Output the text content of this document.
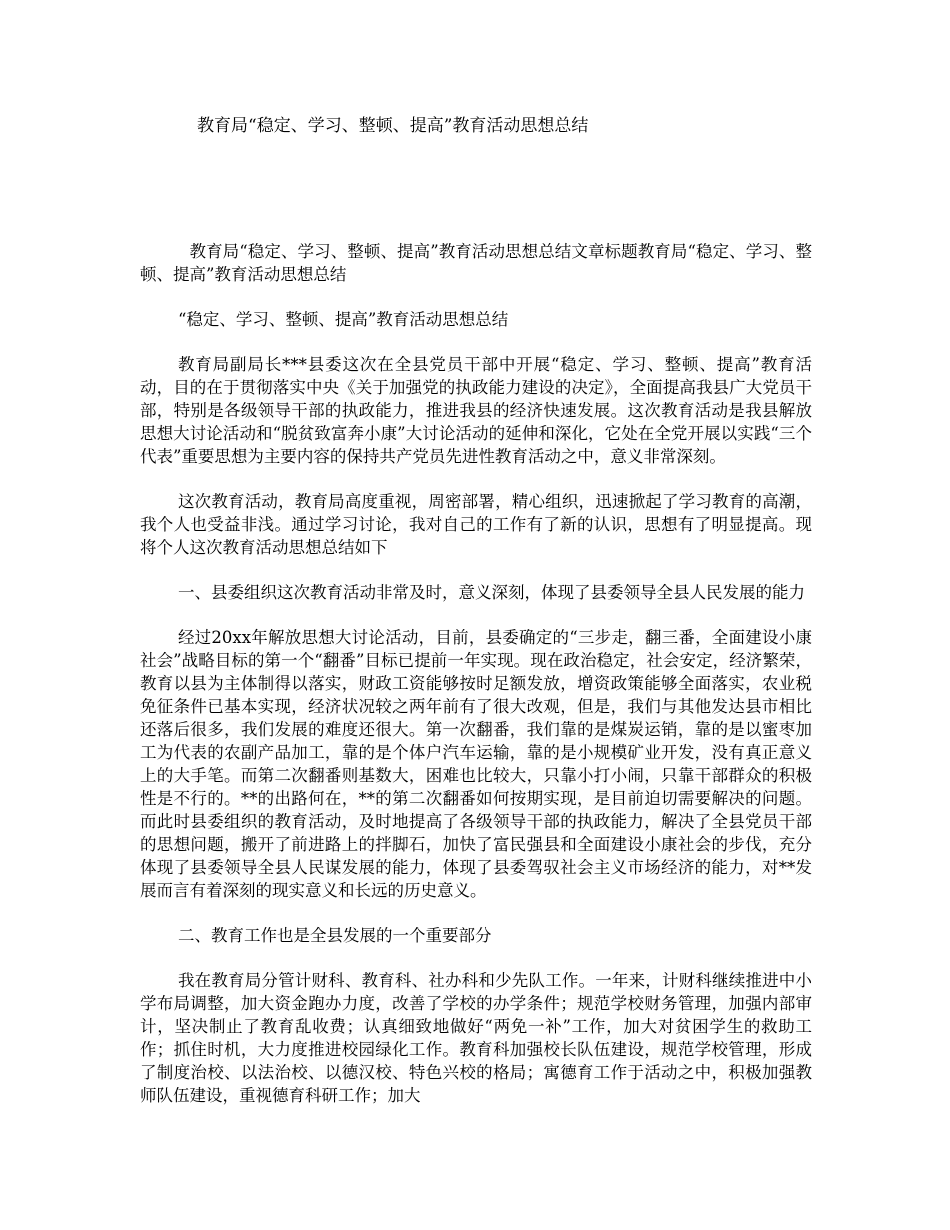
教育局“稳定、学习、整顿、提高”教育活动思想总结

教育局“稳定、学习、整顿、提高”教育活动思想总结文章标题教育局“稳定、学习、整顿、提高”教育活动思想总结

“稳定、学习、整顿、提高”教育活动思想总结

教育局副局长***县委这次在全县党员干部中开展“稳定、学习、整顿、提高”教育活动，目的在于贯彻落实中央《关于加强党的执政能力建设的决定》，全面提高我县广大党员干部，特别是各级领导干部的执政能力，推进我县的经济快速发展。这次教育活动是我县解放思想大讨论活动和“脱贫致富奔小康”大讨论活动的延伸和深化，它处在全党开展以实践“三个代表”重要思想为主要内容的保持共产党员先进性教育活动之中，意义非常深刻。

这次教育活动，教育局高度重视，周密部署，精心组织，迅速掀起了学习教育的高潮，我个人也受益非浅。通过学习讨论，我对自己的工作有了新的认识，思想有了明显提高。现将个人这次教育活动思想总结如下

一、县委组织这次教育活动非常及时，意义深刻，体现了县委领导全县人民发展的能力

经过20xx年解放思想大讨论活动，目前，县委确定的“三步走，翻三番，全面建设小康社会”战略目标的第一个“翻番”目标已提前一年实现。现在政治稳定，社会安定，经济繁荣，教育以县为主体制得以落实，财政工资能够按时足额发放，增资政策能够全面落实，农业税免征条件已基本实现，经济状况较之两年前有了很大改观，但是，我们与其他发达县市相比还落后很多，我们发展的难度还很大。第一次翻番，我们靠的是煤炭运销，靠的是以蜜枣加工为代表的农副产品加工，靠的是个体户汽车运输，靠的是小规模矿业开发，没有真正意义上的大手笔。而第二次翻番则基数大，困难也比较大，只靠小打小闹，只靠干部群众的积极性是不行的。**的出路何在，**的第二次翻番如何按期实现，是目前迫切需要解决的问题。而此时县委组织的教育活动，及时地提高了各级领导干部的执政能力，解决了全县党员干部的思想问题，搬开了前进路上的拌脚石，加快了富民强县和全面建设小康社会的步伐，充分体现了县委领导全县人民谋发展的能力，体现了县委驾驭社会主义市场经济的能力，对**发展而言有着深刻的现实意义和长远的历史意义。

二、教育工作也是全县发展的一个重要部分

我在教育局分管计财科、教育科、社办科和少先队工作。一年来，计财科继续推进中小学布局调整，加大资金跑办力度，改善了学校的办学条件；规范学校财务管理，加强内部审计，坚决制止了教育乱收费；认真细致地做好“两免一补”工作，加大对贫困学生的救助工作；抓住时机，大力度推进校园绿化工作。教育科加强校长队伍建设，规范学校管理，形成了制度治校、以法治校、以德汉校、特色兴校的格局；寓德育工作于活动之中，积极加强教师队伍建设，重视德育科研工作；加大
